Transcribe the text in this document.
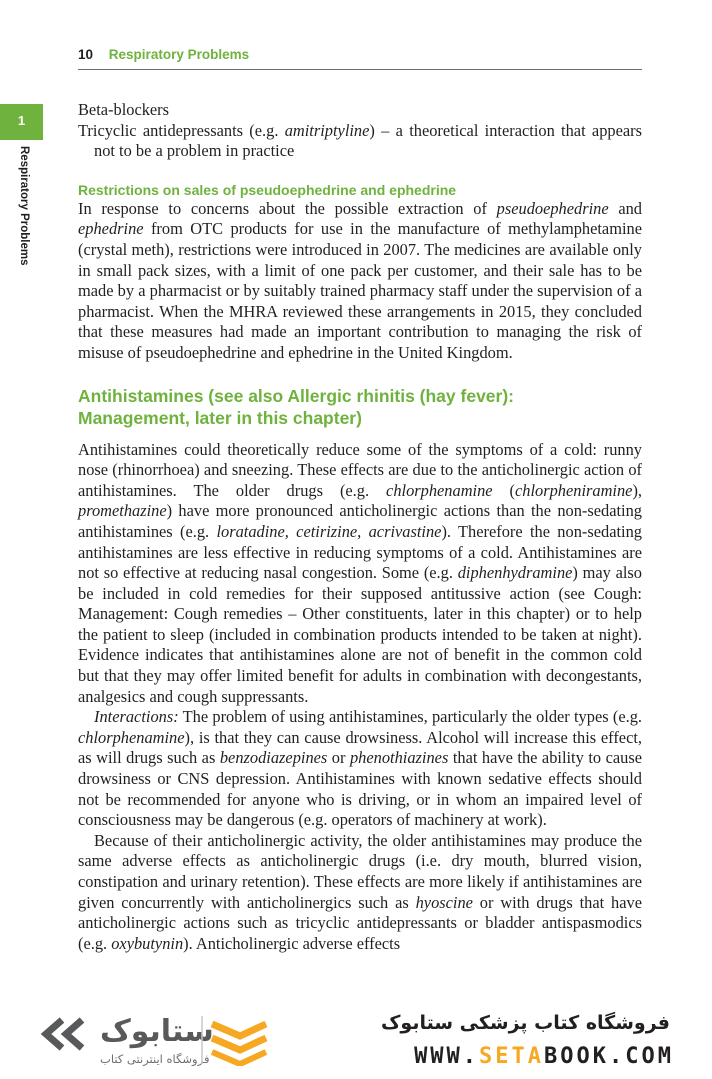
10 Respiratory Problems
1
Respiratory Problems

Beta-blockers

Tricyclic antidepressants (e.g. amitriptyline) – a theoretical interaction that appears not to be a problem in practice

Restrictions on sales of pseudoephedrine and ephedrine

In response to concerns about the possible extraction of pseudoephedrine and ephedrine from OTC products for use in the manufacture of methylamphetamine (crystal meth), restrictions were introduced in 2007. The medicines are available only in small pack sizes, with a limit of one pack per customer, and their sale has to be made by a pharmacist or by suitably trained pharmacy staff under the supervision of a pharmacist. When the MHRA reviewed these arrangements in 2015, they concluded that these measures had made an important contribution to managing the risk of misuse of pseudoephedrine and ephedrine in the United Kingdom.

Antihistamines (see also Allergic rhinitis (hay fever):
Management, later in this chapter)

Antihistamines could theoretically reduce some of the symptoms of a cold: runny nose (rhinorrhoea) and sneezing. These effects are due to the anticholinergic action of antihistamines. The older drugs (e.g. chlorphenamine (chlorpheniramine), promethazine) have more pronounced anticholinergic actions than the non-sedating antihistamines (e.g. loratadine, cetirizine, acrivastine). Therefore the non-sedating antihistamines are less effective in reducing symptoms of a cold. Antihistamines are not so effective at reducing nasal congestion. Some (e.g. diphenhydramine) may also be included in cold remedies for their supposed antitussive action (see Cough: Management: Cough remedies – Other constituents, later in this chapter) or to help the patient to sleep (included in combination products intended to be taken at night). Evidence indicates that antihistamines alone are not of benefit in the common cold but that they may offer limited benefit for adults in combination with decongestants, analgesics and cough suppressants.

Interactions: The problem of using antihistamines, particularly the older types (e.g. chlorphenamine), is that they can cause drowsiness. Alcohol will increase this effect, as will drugs such as benzodiazepines or phenothiazines that have the ability to cause drowsiness or CNS depression. Antihistamines with known sedative effects should not be recommended for anyone who is driving, or in whom an impaired level of consciousness may be dangerous (e.g. operators of machinery at work).

Because of their anticholinergic activity, the older antihistamines may produce the same adverse effects as anticholinergic drugs (i.e. dry mouth, blurred vision, constipation and urinary retention). These effects are more likely if antihistamines are given concurrently with anticholinergics such as hyoscine or with drugs that have anticholinergic actions such as tricyclic antidepressants or bladder antispasmodics (e.g. oxybutynin). Anticholinergic adverse effects

ستابوک
فروشگاه اینترنتی کتاب
فروشگاه کتاب پزشکی ستابوک
WWW.SETABOOK.COM
